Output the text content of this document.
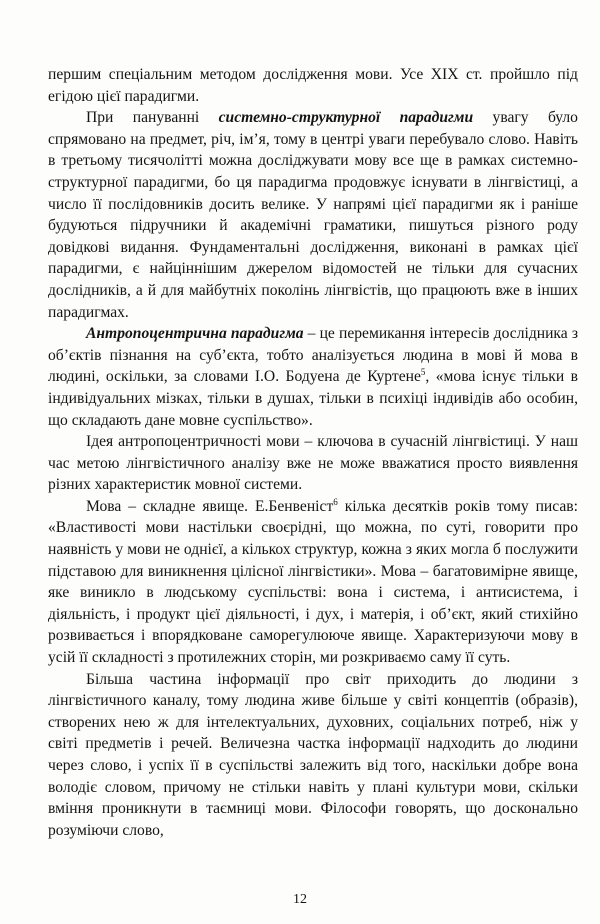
першим спеціальним методом дослідження мови. Усе XIX ст. пройшло під егідою цієї парадигми.

При пануванні системно-структурної парадигми увагу було спрямовано на предмет, річ, ім’я, тому в центрі уваги перебувало слово. Навіть в третьому тисячолітті можна досліджувати мову все ще в рамках системно-структурної парадигми, бо ця парадигма продовжує існувати в лінгвістиці, а число її послідовників досить велике. У напрямі цієї парадигми як і раніше будуються підручники й академічні граматики, пишуться різного роду довідкові видання. Фундаментальні дослідження, виконані в рамках цієї парадигми, є найціннішим джерелом відомостей не тільки для сучасних дослідників, а й для майбутніх поколінь лінгвістів, що працюють вже в інших парадигмах.

Антропоцентрична парадигма – це перемикання інтересів дослідника з об’єктів пізнання на суб’єкта, тобто аналізується людина в мові й мова в людині, оскільки, за словами І.О. Бодуена де Куртене$^5$, «мова існує тільки в індивідуальних мізках, тільки в душах, тільки в психіці індивідів або особин, що складають дане мовне суспільство».

Ідея антропоцентричності мови – ключова в сучасній лінгвістиці. У наш час метою лінгвістичного аналізу вже не може вважатися просто виявлення різних характеристик мовної системи.

Мова – складне явище. Е.Бенвеніст$^6$ кілька десятків років тому писав: «Властивості мови настільки своєрідні, що можна, по суті, говорити про наявність у мови не однієї, а кількох структур, кожна з яких могла б послужити підставою для виникнення цілісної лінгвістики». Мова – багатовимірне явище, яке виникло в людському суспільстві: вона і система, і антисистема, і діяльність, і продукт цієї діяльності, і дух, і матерія, і об’єкт, який стихійно розвивається і впорядковане саморегулююче явище. Характеризуючи мову в усій її складності з протилежних сторін, ми розкриваємо саму її суть.

Більша частина інформації про світ приходить до людини з лінгвістичного каналу, тому людина живе більше у світі концептів (образів), створених нею ж для інтелектуальних, духовних, соціальних потреб, ніж у світі предметів і речей. Величезна частка інформації надходить до людини через слово, і успіх її в суспільстві залежить від того, наскільки добре вона володіє словом, причому не стільки навіть у плані культури мови, скільки вміння проникнути в таємниці мови. Філософи говорять, що досконально розуміючи слово,

12
